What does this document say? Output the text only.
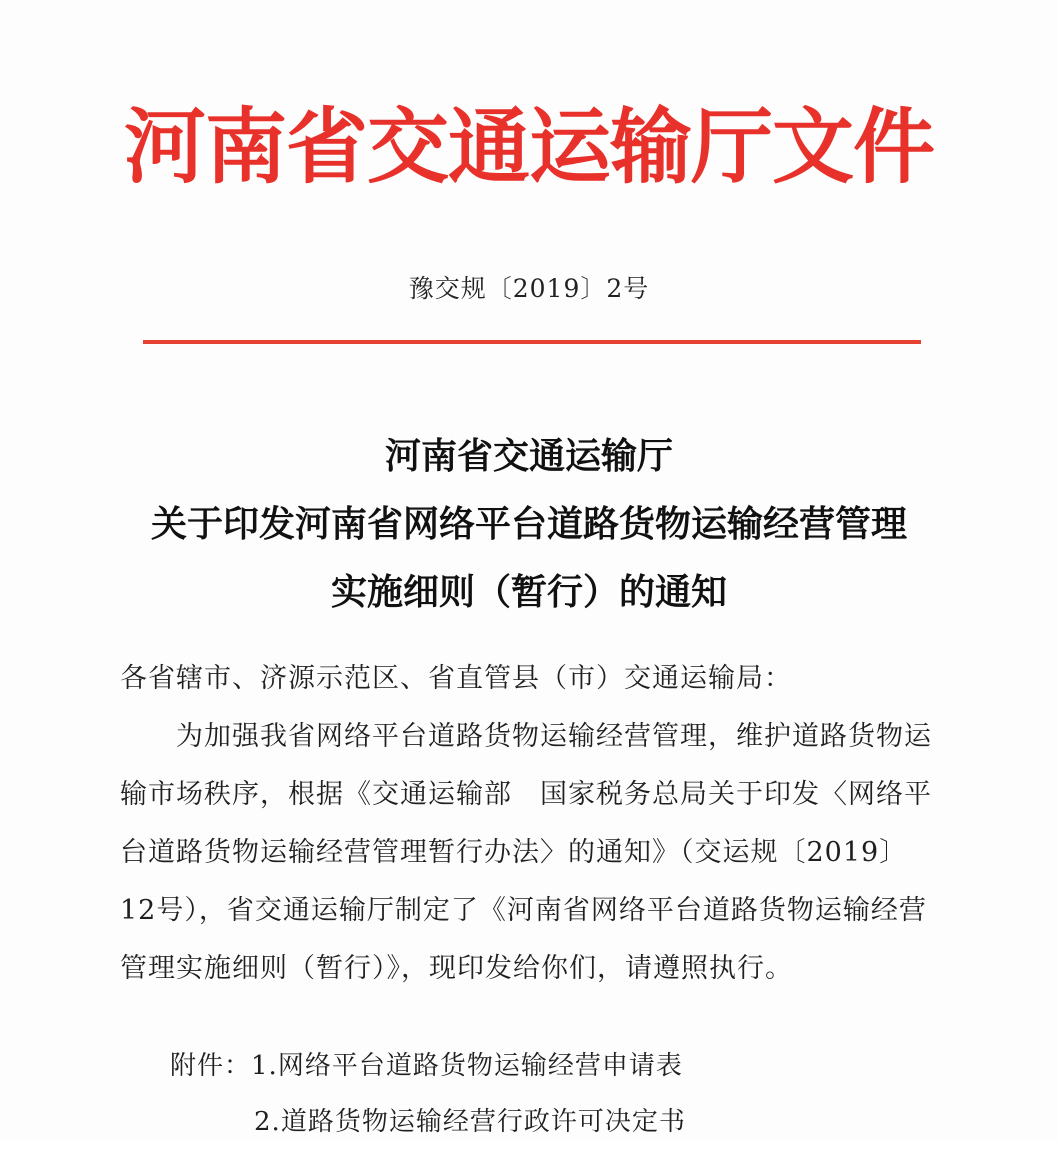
河南省交通运输厅文件
豫交规〔2019〕2号
河南省交通运输厅
关于印发河南省网络平台道路货物运输经营管理
实施细则（暂行）的通知
各省辖市、济源示范区、省直管县（市）交通运输局：
为加强我省网络平台道路货物运输经营管理，维护道路货物运
输市场秩序，根据《交通运输部　国家税务总局关于印发〈网络平
台道路货物运输经营管理暂行办法〉的通知》（交运规〔2019〕
12号），省交通运输厅制定了《河南省网络平台道路货物运输经营
管理实施细则（暂行）》，现印发给你们，请遵照执行。
附件：1.网络平台道路货物运输经营申请表
2.道路货物运输经营行政许可决定书
